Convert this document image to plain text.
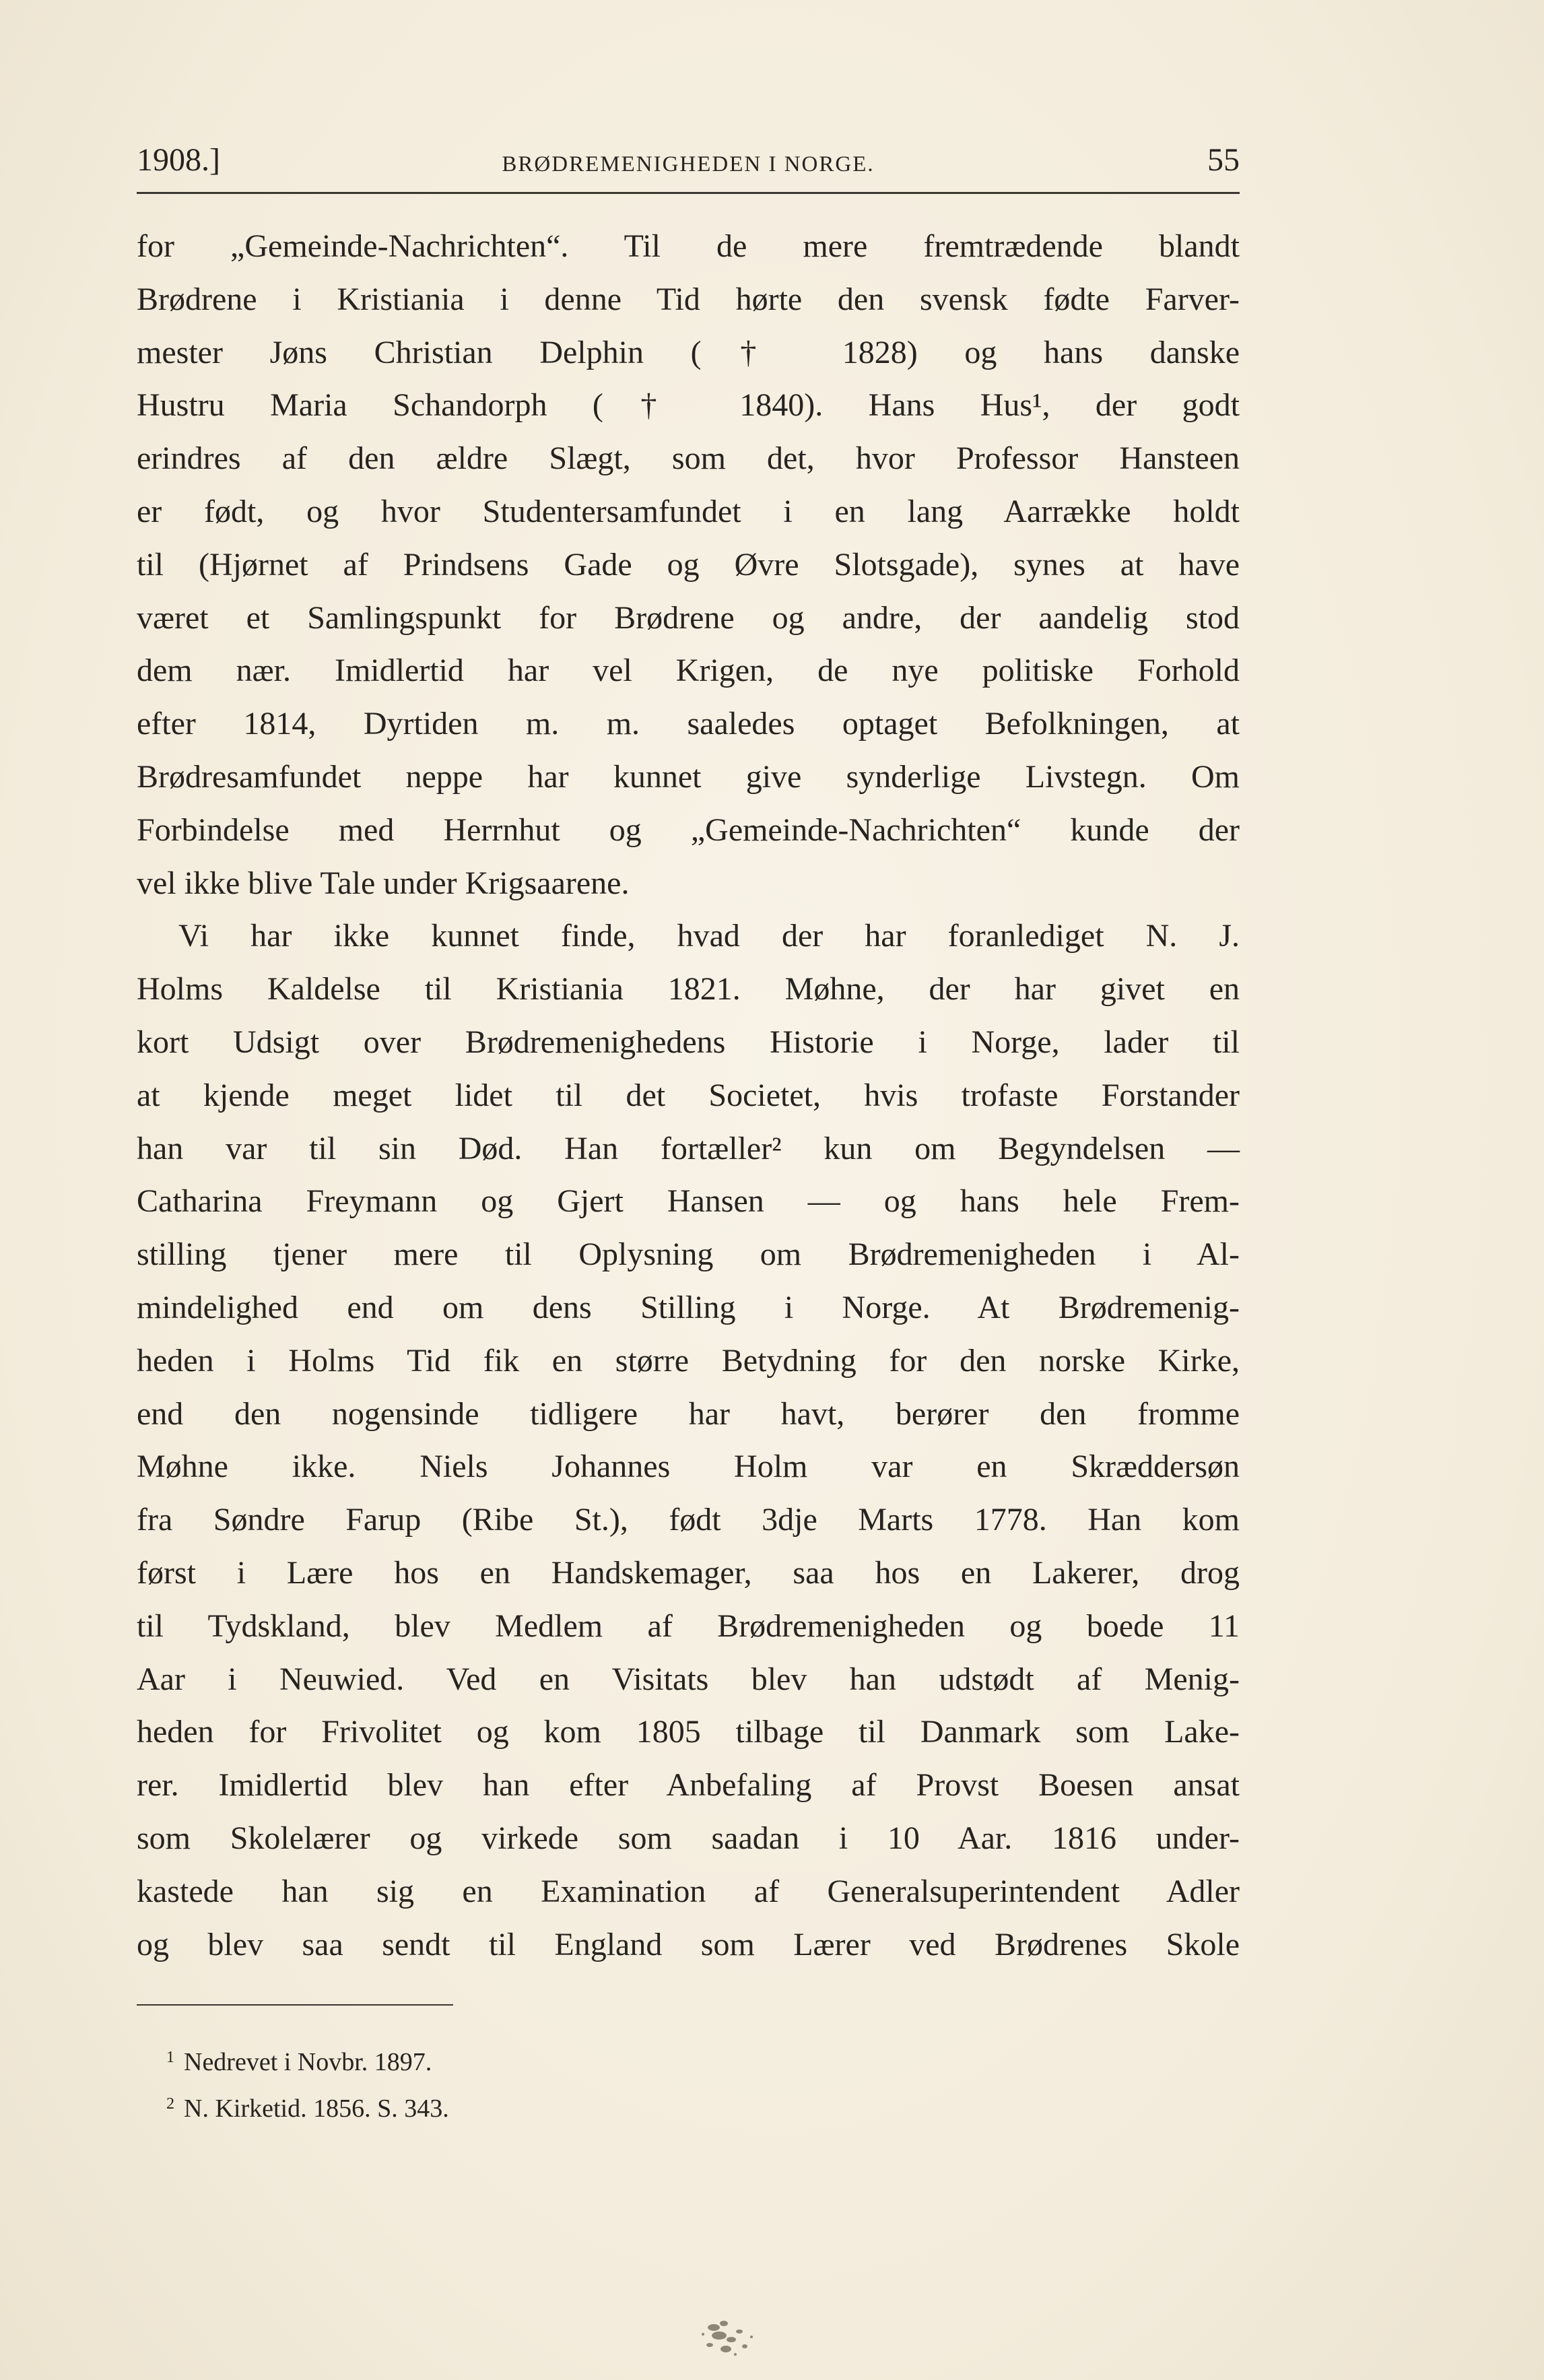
1908.]	BRØDREMENIGHEDEN I NORGE.	55
for „Gemeinde-Nachrichten“. Til de mere fremtrædende blandt
Brødrene i Kristiania i denne Tid hørte den svensk fødte Farver-
mester Jøns Christian Delphin († 1828) og hans danske
Hustru Maria Schandorph († 1840). Hans Hus¹, der godt
erindres af den ældre Slægt, som det, hvor Professor Hansteen
er født, og hvor Studentersamfundet i en lang Aarrække holdt
til (Hjørnet af Prindsens Gade og Øvre Slotsgade), synes at have
været et Samlingspunkt for Brødrene og andre, der aandelig stod
dem nær. Imidlertid har vel Krigen, de nye politiske Forhold
efter 1814, Dyrtiden m. m. saaledes optaget Befolkningen, at
Brødresamfundet neppe har kunnet give synderlige Livstegn. Om
Forbindelse med Herrnhut og „Gemeinde-Nachrichten“ kunde der
vel ikke blive Tale under Krigsaarene.
Vi har ikke kunnet finde, hvad der har foranlediget N. J.
Holms Kaldelse til Kristiania 1821. Møhne, der har givet en
kort Udsigt over Brødremenighedens Historie i Norge, lader til
at kjende meget lidet til det Societet, hvis trofaste Forstander
han var til sin Død. Han fortæller² kun om Begyndelsen —
Catharina Freymann og Gjert Hansen — og hans hele Frem-
stilling tjener mere til Oplysning om Brødremenigheden i Al-
mindelighed end om dens Stilling i Norge. At Brødremenig-
heden i Holms Tid fik en større Betydning for den norske Kirke,
end den nogensinde tidligere har havt, berører den fromme
Møhne ikke. Niels Johannes Holm var en Skræddersøn
fra Søndre Farup (Ribe St.), født 3dje Marts 1778. Han kom
først i Lære hos en Handskemager, saa hos en Lakerer, drog
til Tydskland, blev Medlem af Brødremenigheden og boede 11
Aar i Neuwied. Ved en Visitats blev han udstødt af Menig-
heden for Frivolitet og kom 1805 tilbage til Danmark som Lake-
rer. Imidlertid blev han efter Anbefaling af Provst Boesen ansat
som Skolelærer og virkede som saadan i 10 Aar. 1816 under-
kastede han sig en Examination af Generalsuperintendent Adler
og blev saa sendt til England som Lærer ved Brødrenes Skole
$^1$ Nedrevet i Novbr. 1897.
$^2$ N. Kirketid. 1856. S. 343.
